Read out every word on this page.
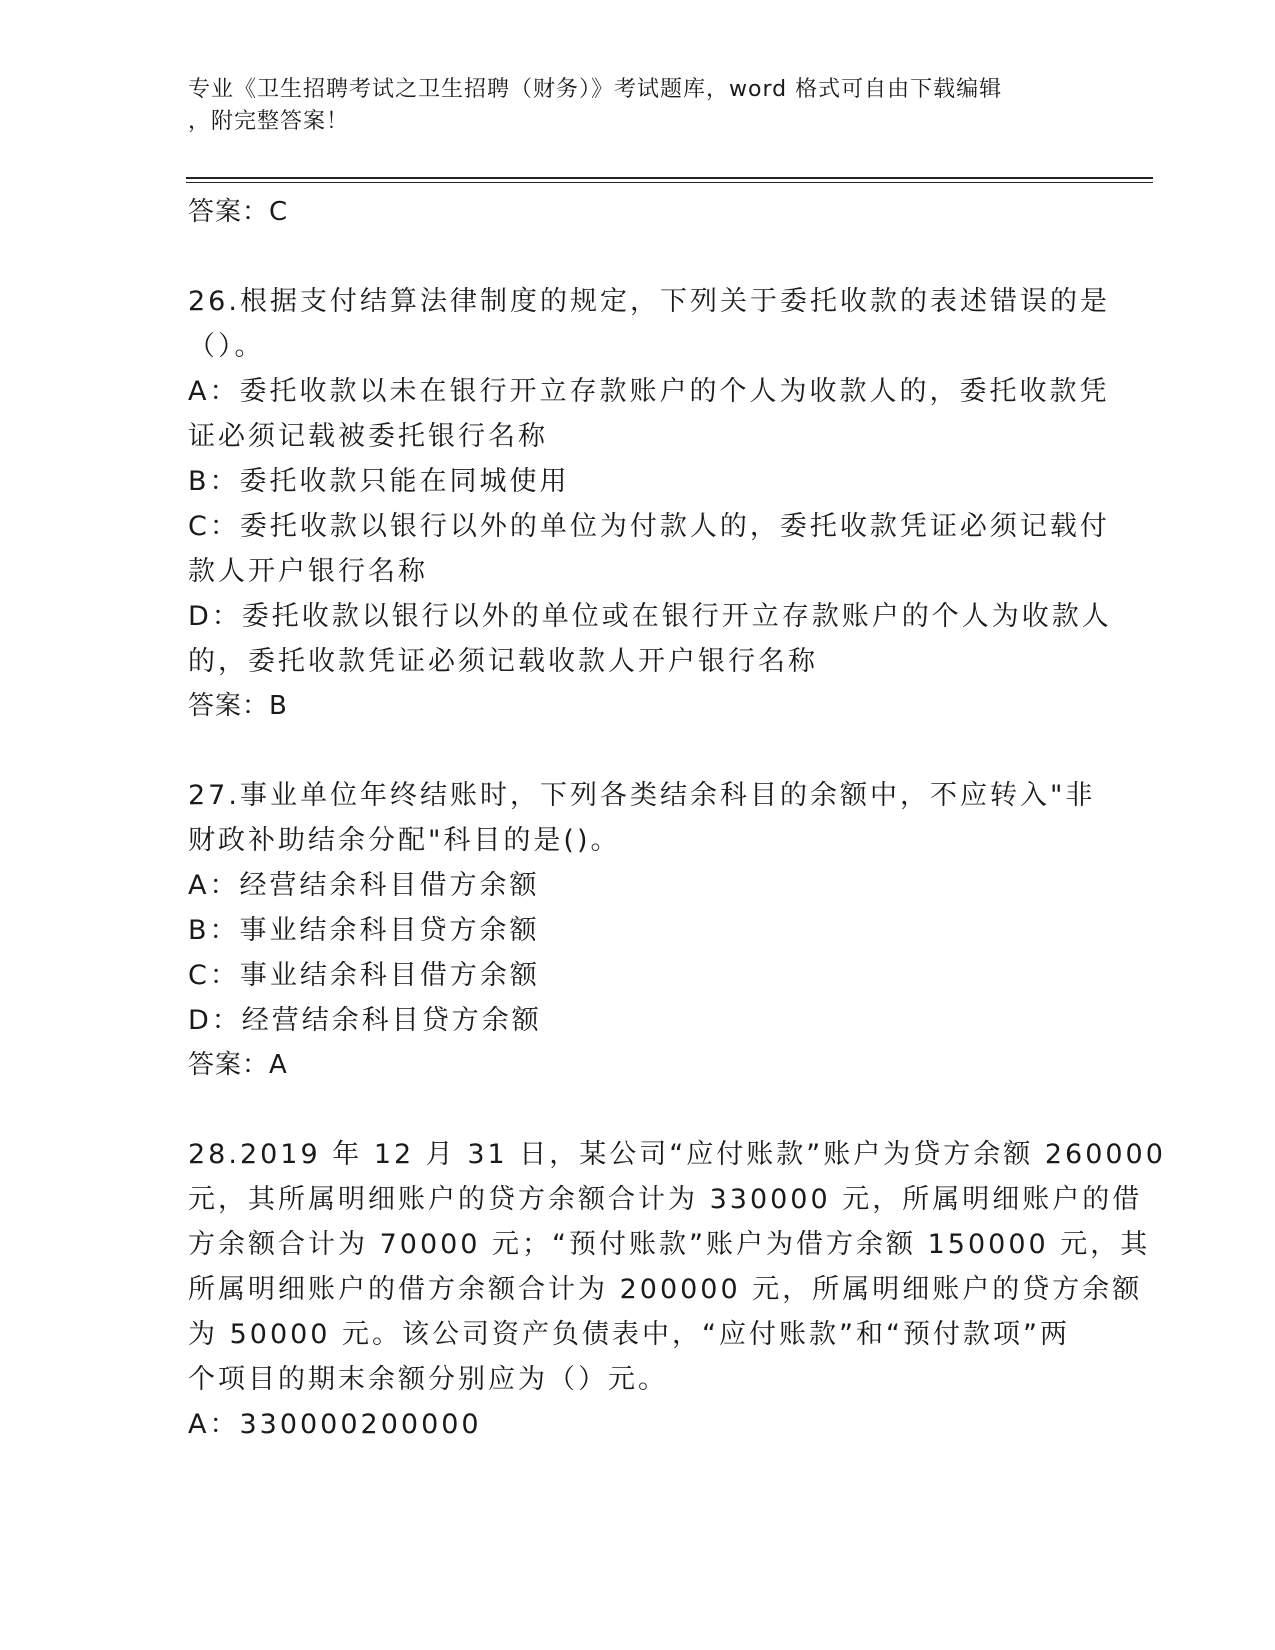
专业《卫生招聘考试之卫生招聘（财务）》考试题库，word 格式可自由下载编辑
，附完整答案！
答案：C
26.根据支付结算法律制度的规定，下列关于委托收款的表述错误的是
（）。
A：委托收款以未在银行开立存款账户的个人为收款人的，委托收款凭
证必须记载被委托银行名称
B：委托收款只能在同城使用
C：委托收款以银行以外的单位为付款人的，委托收款凭证必须记载付
款人开户银行名称
D：委托收款以银行以外的单位或在银行开立存款账户的个人为收款人
的，委托收款凭证必须记载收款人开户银行名称
答案：B
27.事业单位年终结账时，下列各类结余科目的余额中，不应转入"非
财政补助结余分配"科目的是()。
A：经营结余科目借方余额
B：事业结余科目贷方余额
C：事业结余科目借方余额
D：经营结余科目贷方余额
答案：A
28.2019 年 12 月 31 日，某公司“应付账款”账户为贷方余额 260000
元，其所属明细账户的贷方余额合计为 330000 元，所属明细账户的借
方余额合计为 70000 元；“预付账款”账户为借方余额 150000 元，其
所属明细账户的借方余额合计为 200000 元，所属明细账户的贷方余额
为 50000 元。该公司资产负债表中，“应付账款”和“预付款项”两
个项目的期末余额分别应为（）元。
A：330000200000
